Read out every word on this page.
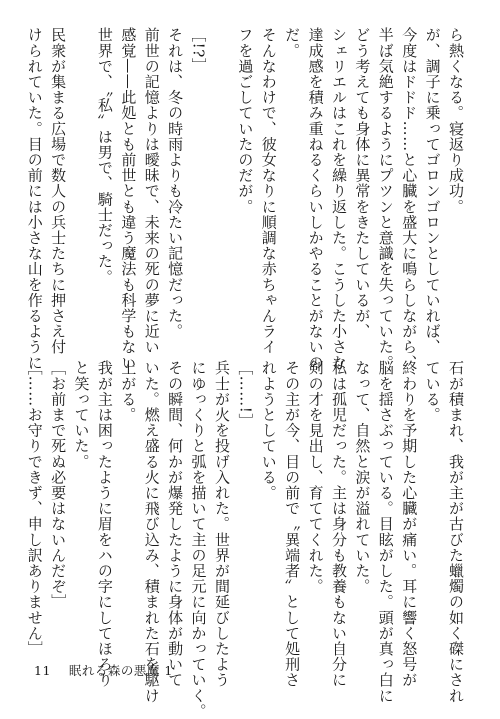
ら熱くなる。寝返り成功。
が、調子に乗ってゴロンゴロンとしていれば、
今度はドドド……と心臓を盛大に鳴らしながら、
半ば気絶するようにプツンと意識を失っていた。
どう考えても身体に異常をきたしているが、
シェリエルはこれを繰り返した。こうした小さな
達成感を積み重ねるくらいしかやることがないの
だ。
そんなわけで、彼女なりに順調な赤ちゃんライ
フを過ごしていたのだが。

［!?］
それは、冬の時雨よりも冷たい記憶だった。
前世の記憶よりは曖昧で、未来の死の夢に近い
感覚——此処とも前世とも違う魔法も科学もない
世界で、〝私〟は男で、騎士だった。

民衆が集まる広場で数人の兵士たちに押さえ付
けられていた。目の前には小さな山を作るように
石が積まれ、我が主が古びた蠟燭の如く磔にされ
ている。
終わりを予期した心臓が痛い。耳に響く怒号が
脳を揺さぶっている。目眩がした。頭が真っ白に
なって、自然と涙が溢れていた。
私は孤児だった。主は身分も教養もない自分に
剣の才を見出し、育ててくれた。
その主が今、目の前で〝異端者〟として処刑さ
れようとしている。
［……!］
兵士が火を投げ入れた。世界が間延びしたよう
にゆっくりと弧を描いて主の足元に向かっていく。
その瞬間、何かが爆発したように身体が動いて
いた。燃え盛る火に飛び込み、積まれた石を駆け
上がる。
我が主は困ったように眉をハの字にしてほろり
と笑っていた。
［お前まで死ぬ必要はないんだぞ］
［……お守りできず、申し訳ありません］
11 眠れる森の悪魔 1
